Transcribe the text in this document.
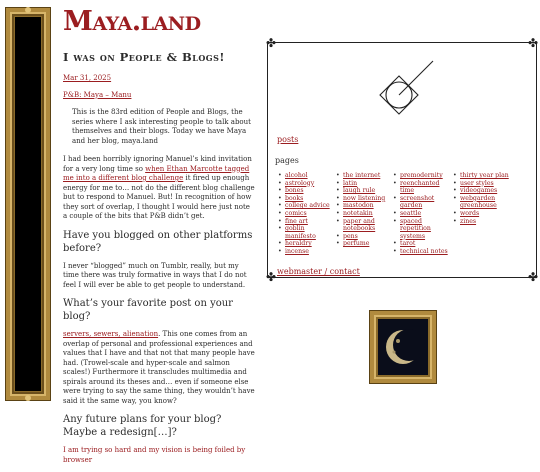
Maya.land
I was on People & Blogs!
Mar 31, 2025
P&B: Maya – Manu
This is the 83rd edition of People and Blogs, the series where I ask interesting people to talk about themselves and their blogs. Today we have Maya and her blog, maya.land
I had been horribly ignoring Manuel’s kind invitation for a very long time so when Ethan Marcotte tagged me into a different blog challenge it fired up enough energy for me to… not do the different blog challenge but to respond to Manuel. But! In recognition of how they sort of overlap, I thought I would here just note a couple of the bits that P&B didn’t get.
Have you blogged on other platforms before?
I never “blogged” much on Tumblr, really, but my time there was truly formative in ways that I do not feel I will ever be able to get people to understand.
What’s your favorite post on your blog?
servers, sewers, alienation. This one comes from an overlap of personal and professional experiences and values that I have and that not that many people have had. (Trowel-scale and hyper-scale and salmon scales!) Furthermore it transcludes multimedia and spirals around its theses and… even if someone else were trying to say the same thing, they wouldn’t have said it the same way, you know?
Any future plans for your blog? Maybe a redesign[…]?
I am trying so hard and my vision is being foiled by browser
✤	✤
✤	✤
posts
pages
• alcohol
• astrology
• bones
• books
• college advice
• comics
• fine art
• goblin manifesto
• heraldry
• incense
• the internet
• latin
• laugh rule
• now listening
• mastodon
• notetakin
• paper and notebooks
• pens
• perfume
• premodernity
• reenchanted time
• screenshot garden
• seattle
• spaced repetition systems
• tarot
• technical notes
• thirty year plan
• user styles
• videogames
• webgarden greenhouse
• words
• zines
webmaster / contact
